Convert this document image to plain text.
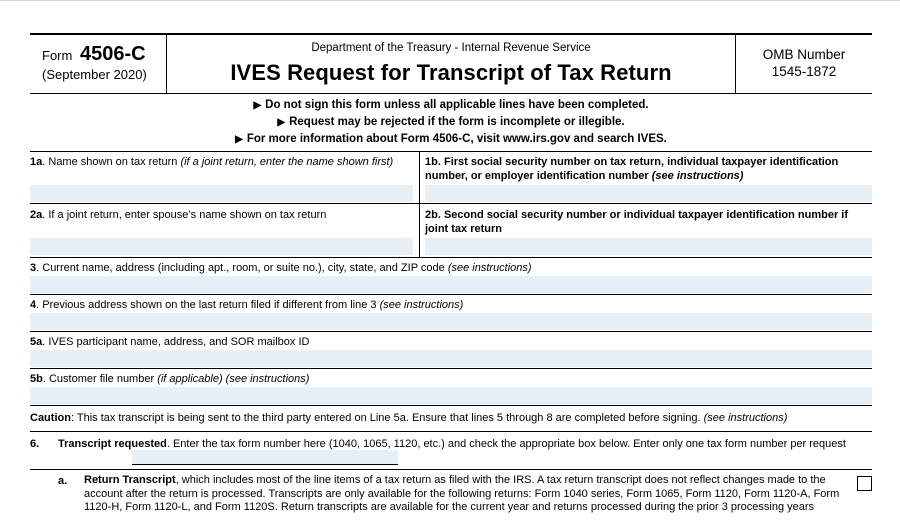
Form 4506-C
(September 2020)
Department of the Treasury - Internal Revenue Service
IVES Request for Transcript of Tax Return
OMB Number
1545-1872
▶ Do not sign this form unless all applicable lines have been completed.
▶ Request may be rejected if the form is incomplete or illegible.
▶ For more information about Form 4506-C, visit www.irs.gov and search IVES.
1a. Name shown on tax return (if a joint return, enter the name shown first)	1b. First social security number on tax return, individual taxpayer identification number, or employer identification number (see instructions)
2a. If a joint return, enter spouse’s name shown on tax return	2b. Second social security number or individual taxpayer identification number if joint tax return
3. Current name, address (including apt., room, or suite no.), city, state, and ZIP code (see instructions)
4. Previous address shown on the last return filed if different from line 3 (see instructions)
5a. IVES participant name, address, and SOR mailbox ID
5b. Customer file number (if applicable) (see instructions)
Caution: This tax transcript is being sent to the third party entered on Line 5a. Ensure that lines 5 through 8 are completed before signing. (see instructions)
6.	Transcript requested. Enter the tax form number here (1040, 1065, 1120, etc.) and check the appropriate box below. Enter only one tax form number per request
a.	Return Transcript, which includes most of the line items of a tax return as filed with the IRS. A tax return transcript does not reflect changes made to the account after the return is processed. Transcripts are only available for the following returns: Form 1040 series, Form 1065, Form 1120, Form 1120-A, Form 1120-H, Form 1120-L, and Form 1120S. Return transcripts are available for the current year and returns processed during the prior 3 processing years
